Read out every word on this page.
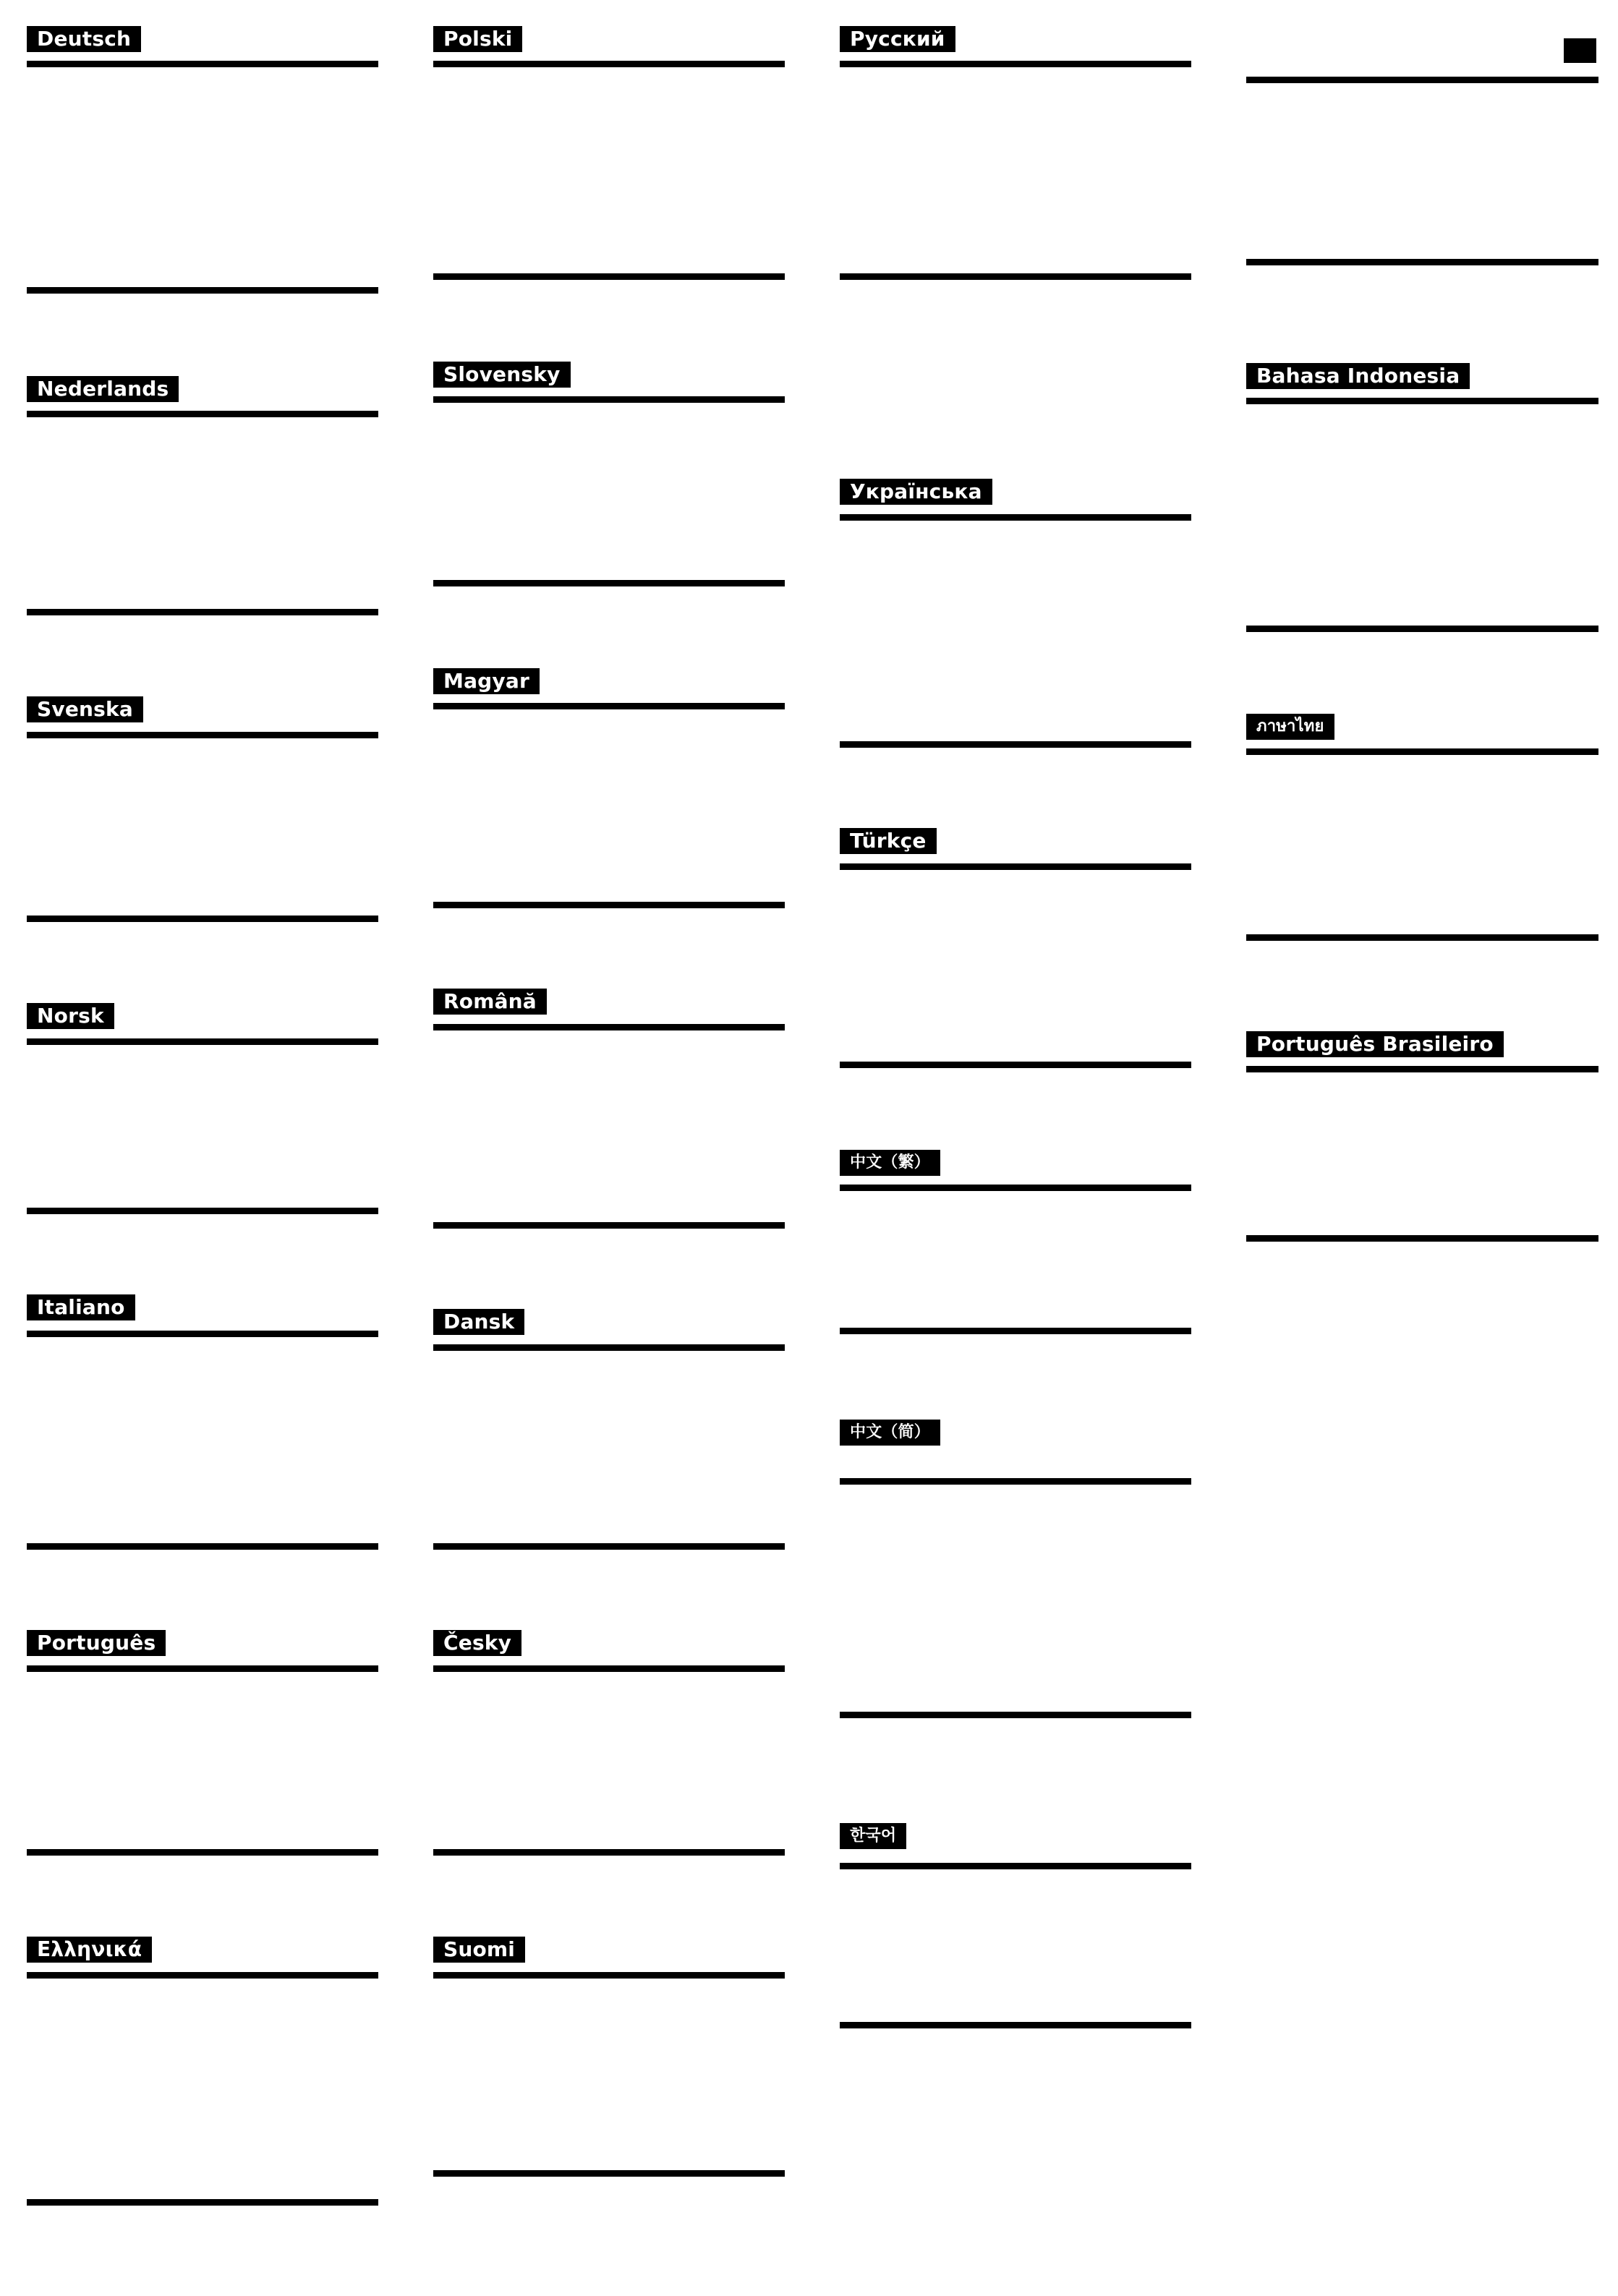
Deutsch
Nederlands
Svenska
Norsk
Italiano
Português
Ελληνικά
Polski
Slovensky
Magyar
Română
Dansk
Česky
Suomi
Русский
Українська
Türkçe
中文（繁）
中文（简）
한국어
Bahasa Indonesia
ภาษาไทย
Português Brasileiro
